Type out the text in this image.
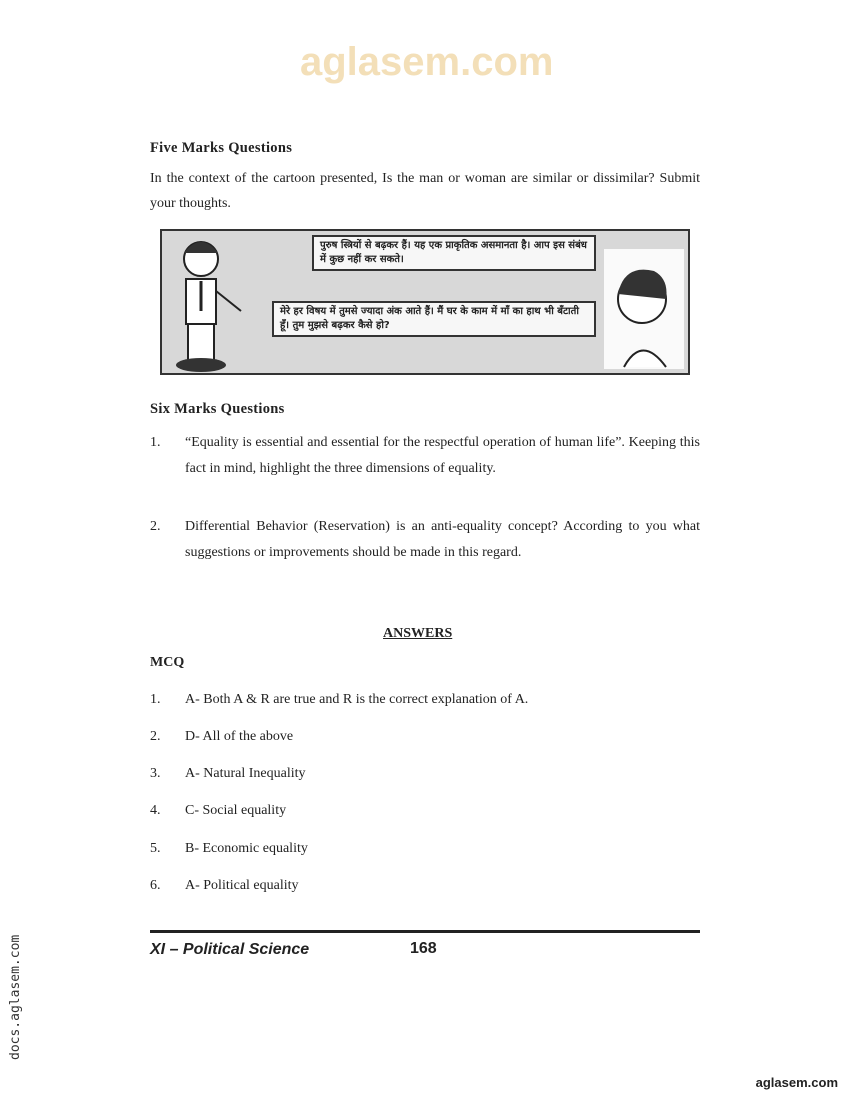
aglasem.com
Five Marks Questions
In the context of the cartoon presented, Is the man or woman are similar or dissimilar? Submit your thoughts.
पुरुष स्त्रियों से बढ़कर हैं। यह एक प्राकृतिक असमानता है। आप इस संबंध में कुछ नहीं कर सकते।
मेरे हर विषय में तुमसे ज्यादा अंक आते हैं। मैं घर के काम में माँ का हाथ भी बँटाती हूँ। तुम मुझसे बढ़कर कैसे हो?
Six Marks Questions
1. “Equality is essential and essential for the respectful operation of human life”. Keeping this fact in mind, highlight the three dimensions of equality.
2. Differential Behavior (Reservation) is an anti-equality concept? According to you what suggestions or improvements should be made in this regard.
ANSWERS
MCQ
1. A- Both A & R are true and R is the correct explanation of A.
2. D- All of the above
3. A- Natural Inequality
4. C- Social equality
5. B- Economic equality
6. A- Political equality
XI – Political Science	168
docs.aglasem.com
aglasem.com
